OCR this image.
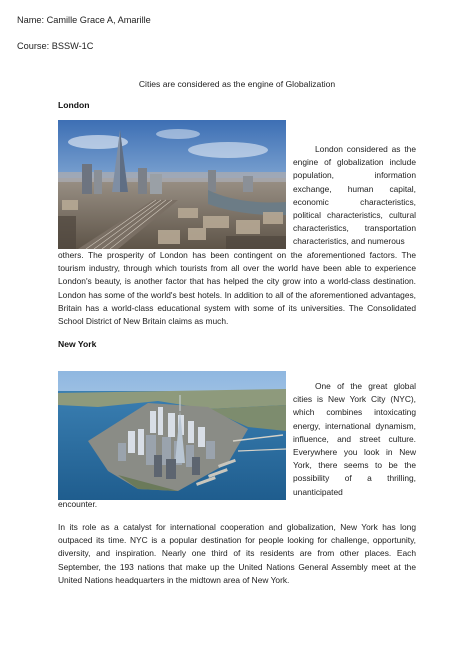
Name: Camille Grace A, Amarille
Course: BSSW-1C
Cities are considered as the engine of Globalization
London
London considered as the engine of globalization include population, information exchange, human capital, economic characteristics, political characteristics, cultural characteristics, transportation characteristics, and numerous
others. The prosperity of London has been contingent on the aforementioned factors. The tourism industry, through which tourists from all over the world have been able to experience London's beauty, is another factor that has helped the city grow into a world-class destination. London has some of the world's best hotels. In addition to all of the aforementioned advantages, Britain has a world-class educational system with some of its universities. The Consolidated School District of New Britain claims as much.
New York
One of the great global cities is New York City (NYC), which combines intoxicating energy, international dynamism, influence, and street culture. Everywhere you look in New York, there seems to be the possibility of a thrilling, unanticipated
encounter.
In its role as a catalyst for international cooperation and globalization, New York has long outpaced its time. NYC is a popular destination for people looking for challenge, opportunity, diversity, and inspiration. Nearly one third of its residents are from other places. Each September, the 193 nations that make up the United Nations General Assembly meet at the United Nations headquarters in the midtown area of New York.
